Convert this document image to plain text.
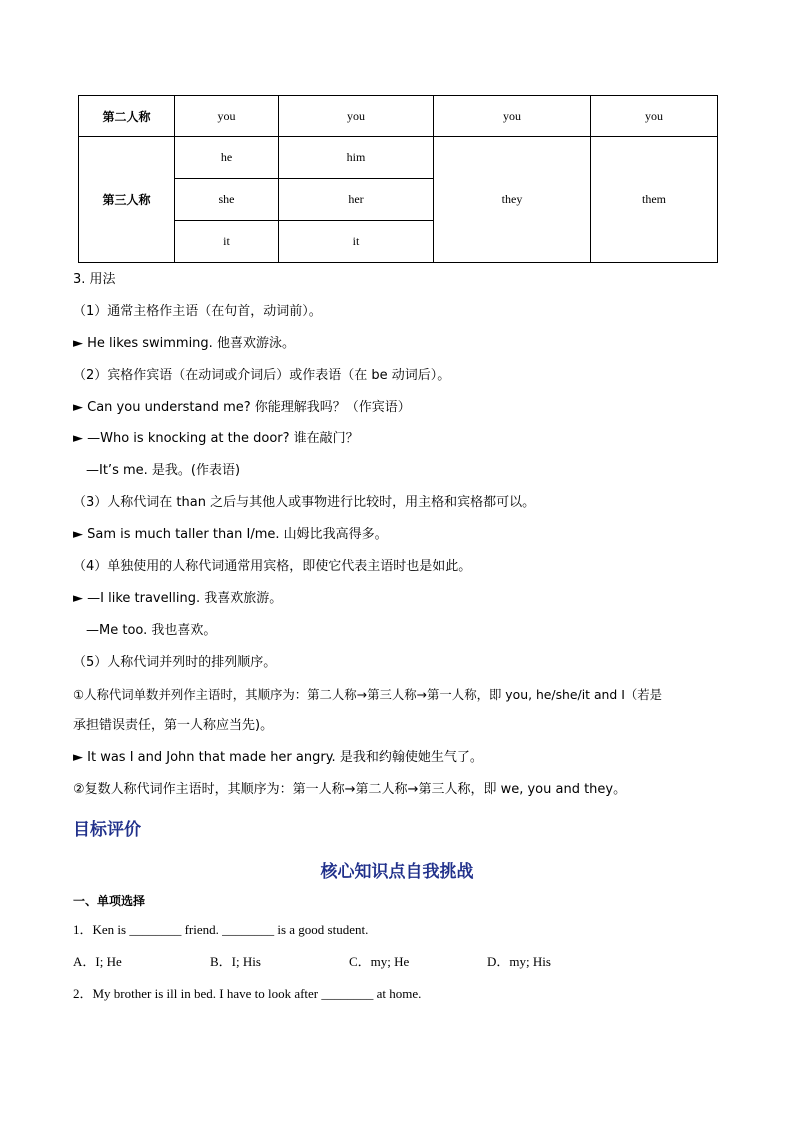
第二人称	you	you	you	you
第三人称	he	him	they	them
	she	her		
	it	it		
3. 用法
（1）通常主格作主语（在句首，动词前）。
► He likes swimming. 他喜欢游泳。
（2）宾格作宾语（在动词或介词后）或作表语（在 be 动词后）。
► Can you understand me? 你能理解我吗？（作宾语）
► —Who is knocking at the door? 谁在敲门？
—It’s me. 是我。(作表语)
（3）人称代词在 than 之后与其他人或事物进行比较时，用主格和宾格都可以。
► Sam is much taller than I/me. 山姆比我高得多。
（4）单独使用的人称代词通常用宾格，即使它代表主语时也是如此。
► —I like travelling. 我喜欢旅游。
—Me too. 我也喜欢。
（5）人称代词并列时的排列顺序。
①人称代词单数并列作主语时，其顺序为：第二人称→第三人称→第一人称，即 you, he/she/it and I（若是
承担错误责任，第一人称应当先)。
► It was I and John that made her angry. 是我和约翰使她生气了。
②复数人称代词作主语时，其顺序为：第一人称→第二人称→第三人称，即 we, you and they。
目标评价
核心知识点自我挑战
一、单项选择
1．Ken is ________ friend. ________ is a good student.
A．I; He	B．I; His	C．my; He	D．my; His
2．My brother is ill in bed. I have to look after ________ at home.
